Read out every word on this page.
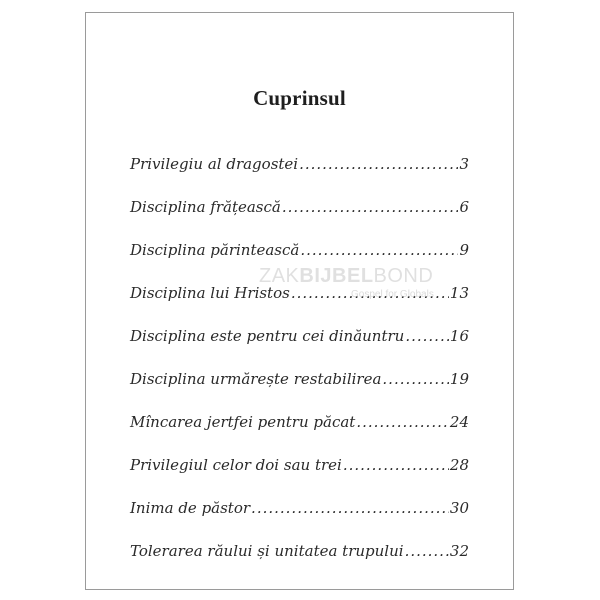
Cuprinsul
Privilegiu al dragostei .....	3
Disciplina frățească .....	6
Disciplina părintească .....	9
Disciplina lui Hristos .....	13
Disciplina este pentru cei dinăuntru .....	16
Disciplina urmărește restabilirea .....	19
Mîncarea jertfei pentru păcat .....	24
Privilegiul celor doi sau trei .....	28
Inima de păstor .....	30
Tolerarea răului și unitatea trupului .....	32
ZAKBIJBELBOND
Gospel for Globals
